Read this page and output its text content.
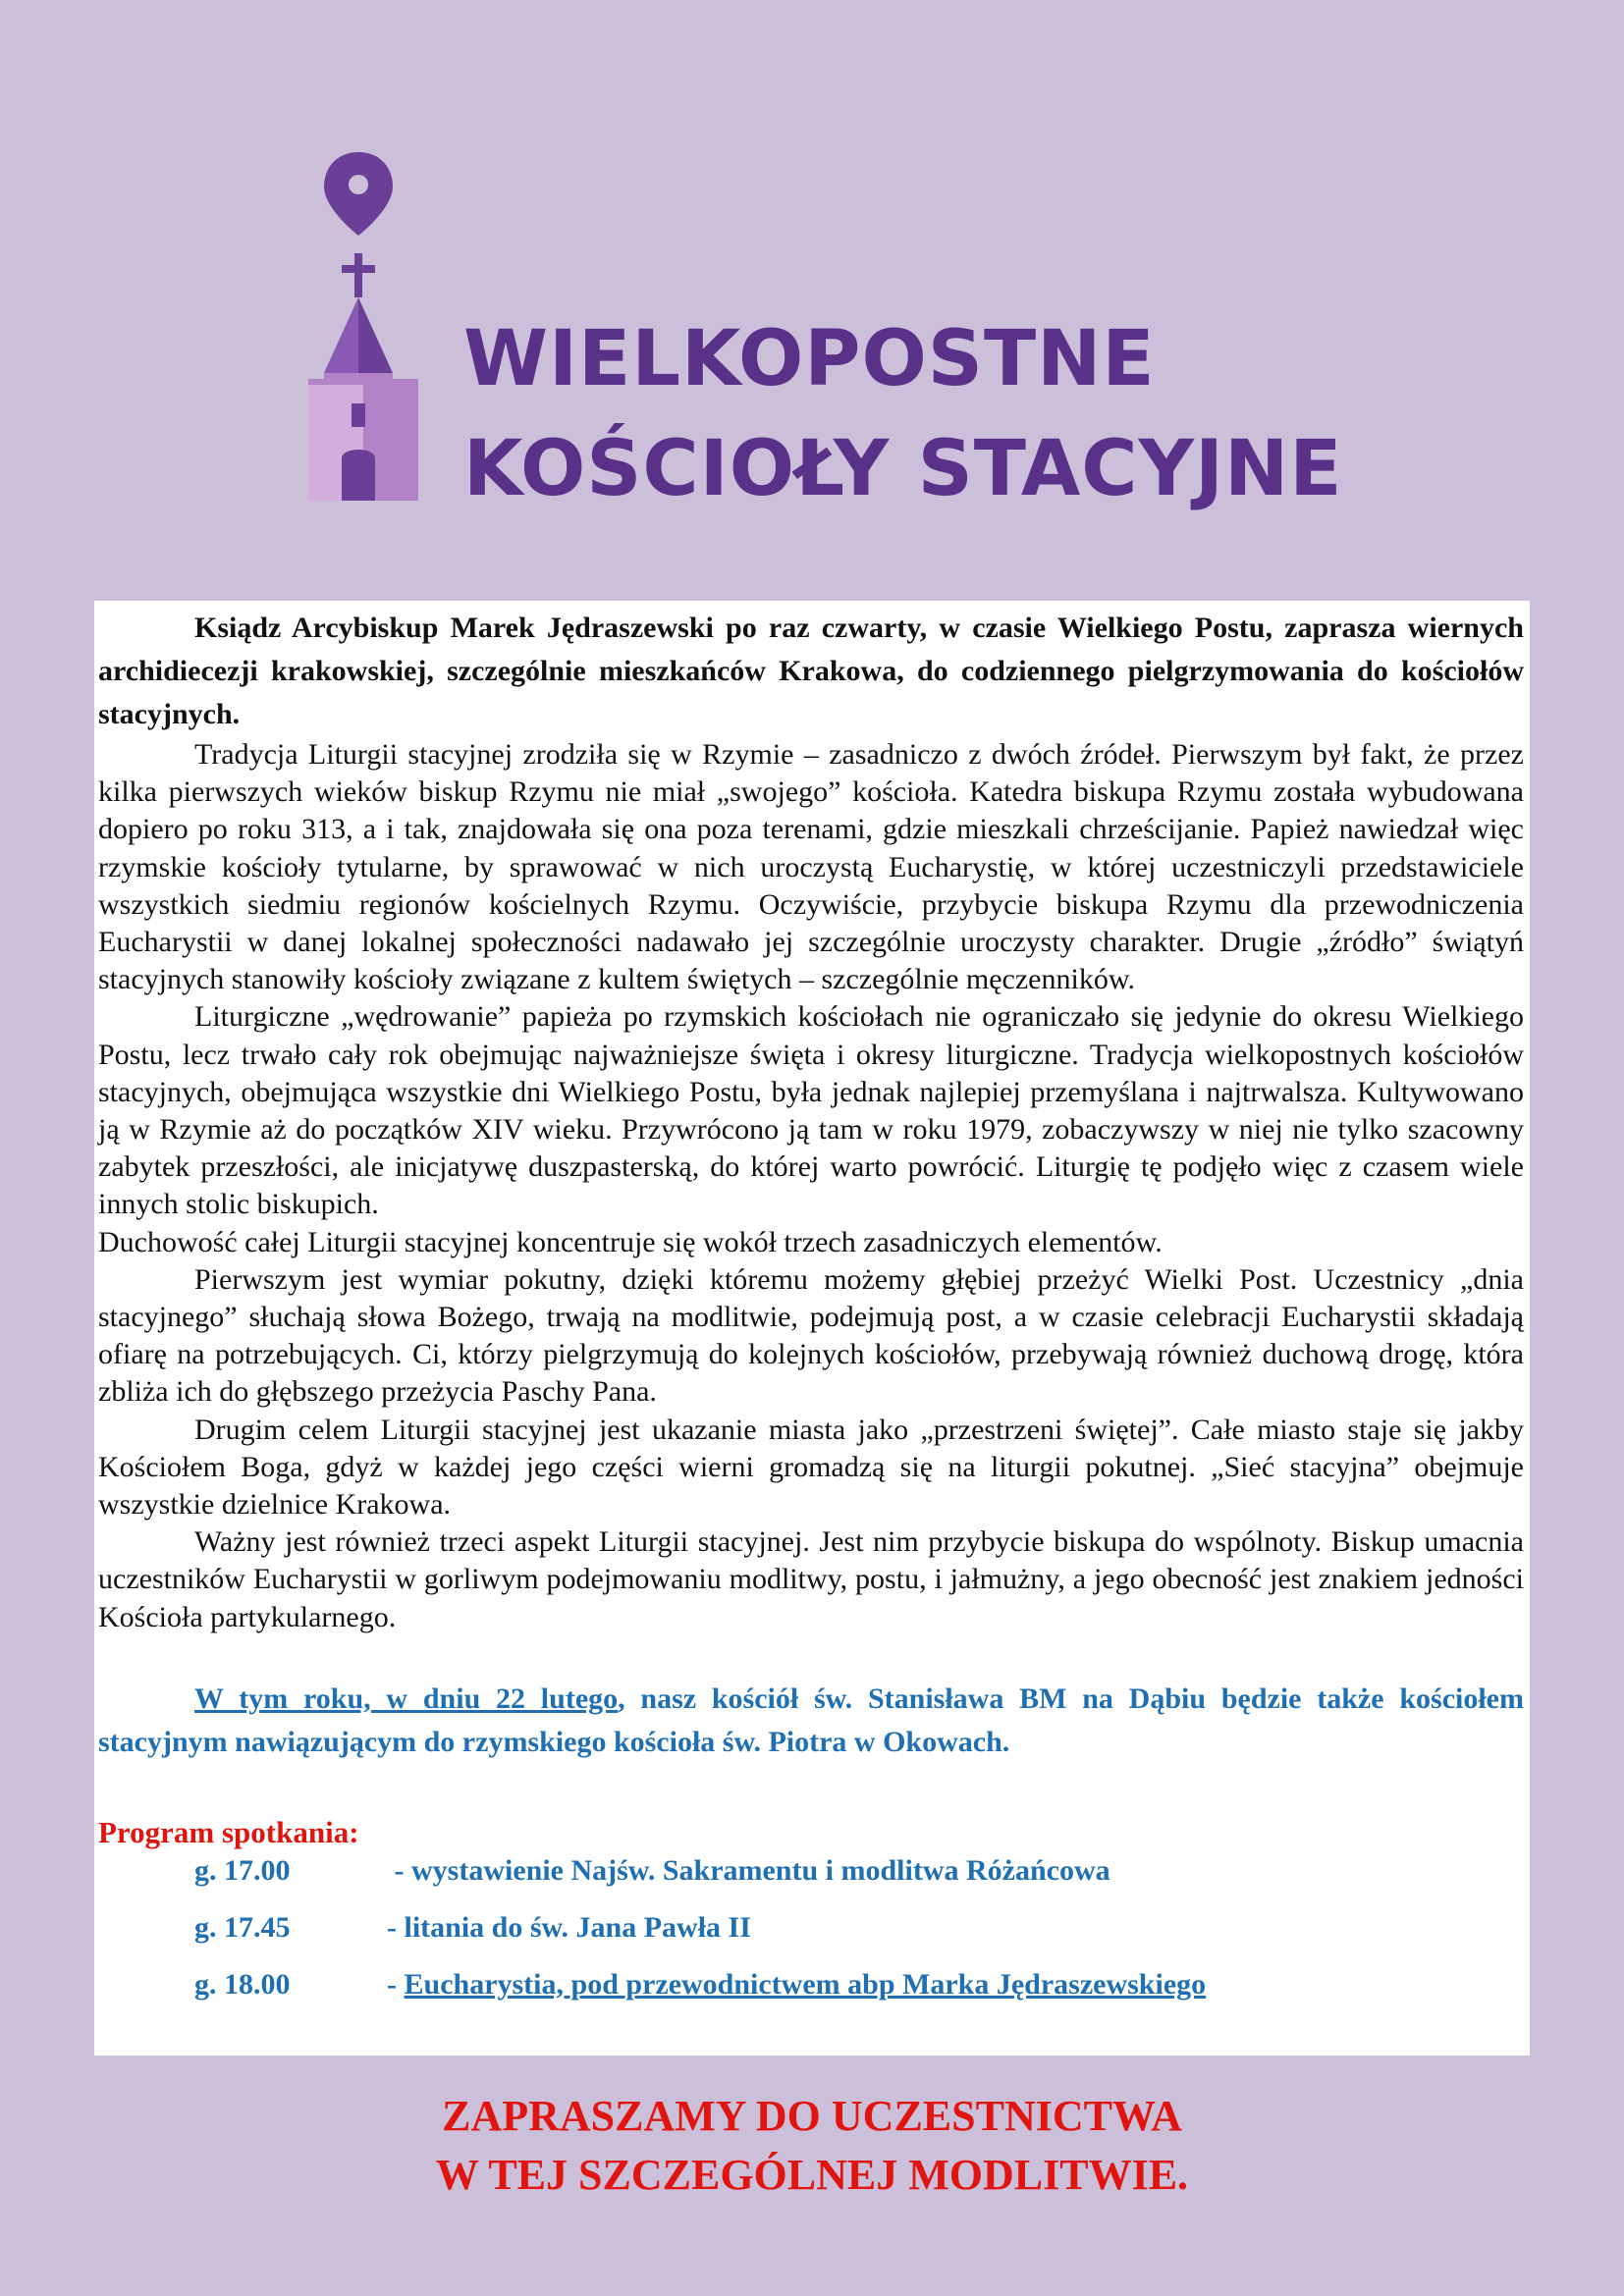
WIELKOPOSTNE
KOŚCIOŁY STACYJNE

Ksiądz Arcybiskup Marek Jędraszewski po raz czwarty, w czasie Wielkiego Postu, zaprasza wiernych archidiecezji krakowskiej, szczególnie mieszkańców Krakowa, do codziennego pielgrzymowania do kościołów stacyjnych.

Tradycja Liturgii stacyjnej zrodziła się w Rzymie – zasadniczo z dwóch źródeł. Pierwszym był fakt, że przez kilka pierwszych wieków biskup Rzymu nie miał „swojego” kościoła. Katedra biskupa Rzymu została wybudowana dopiero po roku 313, a i tak, znajdowała się ona poza terenami, gdzie mieszkali chrześcijanie. Papież nawiedzał więc rzymskie kościoły tytularne, by sprawować w nich uroczystą Eucharystię, w której uczestniczyli przedstawiciele wszystkich siedmiu regionów kościelnych Rzymu. Oczywiście, przybycie biskupa Rzymu dla przewodniczenia Eucharystii w danej lokalnej społeczności nadawało jej szczególnie uroczysty charakter. Drugie „źródło” świątyń stacyjnych stanowiły kościoły związane z kultem świętych – szczególnie męczenników.

Liturgiczne „wędrowanie” papieża po rzymskich kościołach nie ograniczało się jedynie do okresu Wielkiego Postu, lecz trwało cały rok obejmując najważniejsze święta i okresy liturgiczne. Tradycja wielkopostnych kościołów stacyjnych, obejmująca wszystkie dni Wielkiego Postu, była jednak najlepiej przemyślana i najtrwalsza. Kultywowano ją w Rzymie aż do początków XIV wieku. Przywrócono ją tam w roku 1979, zobaczywszy w niej nie tylko szacowny zabytek przeszłości, ale inicjatywę duszpasterską, do której warto powrócić. Liturgię tę podjęło więc z czasem wiele innych stolic biskupich.

Duchowość całej Liturgii stacyjnej koncentruje się wokół trzech zasadniczych elementów.

Pierwszym jest wymiar pokutny, dzięki któremu możemy głębiej przeżyć Wielki Post. Uczestnicy „dnia stacyjnego” słuchają słowa Bożego, trwają na modlitwie, podejmują post, a w czasie celebracji Eucharystii składają ofiarę na potrzebujących. Ci, którzy pielgrzymują do kolejnych kościołów, przebywają również duchową drogę, która zbliża ich do głębszego przeżycia Paschy Pana.

Drugim celem Liturgii stacyjnej jest ukazanie miasta jako „przestrzeni świętej”. Całe miasto staje się jakby Kościołem Boga, gdyż w każdej jego części wierni gromadzą się na liturgii pokutnej. „Sieć stacyjna” obejmuje wszystkie dzielnice Krakowa.

Ważny jest również trzeci aspekt Liturgii stacyjnej. Jest nim przybycie biskupa do wspólnoty. Biskup umacnia uczestników Eucharystii w gorliwym podejmowaniu modlitwy, postu, i jałmużny, a jego obecność jest znakiem jedności Kościoła partykularnego.

W tym roku, w dniu 22 lutego, nasz kościół św. Stanisława BM na Dąbiu będzie także kościołem stacyjnym nawiązującym do rzymskiego kościoła św. Piotra w Okowach.

Program spotkania:

g. 17.00	- wystawienie Najśw. Sakramentu i modlitwa Różańcowa
g. 17.45	- litania do św. Jana Pawła II
g. 18.00	- Eucharystia, pod przewodnictwem abp Marka Jędraszewskiego
ZAPRASZAMY DO UCZESTNICTWA
W TEJ SZCZEGÓLNEJ MODLITWIE.
